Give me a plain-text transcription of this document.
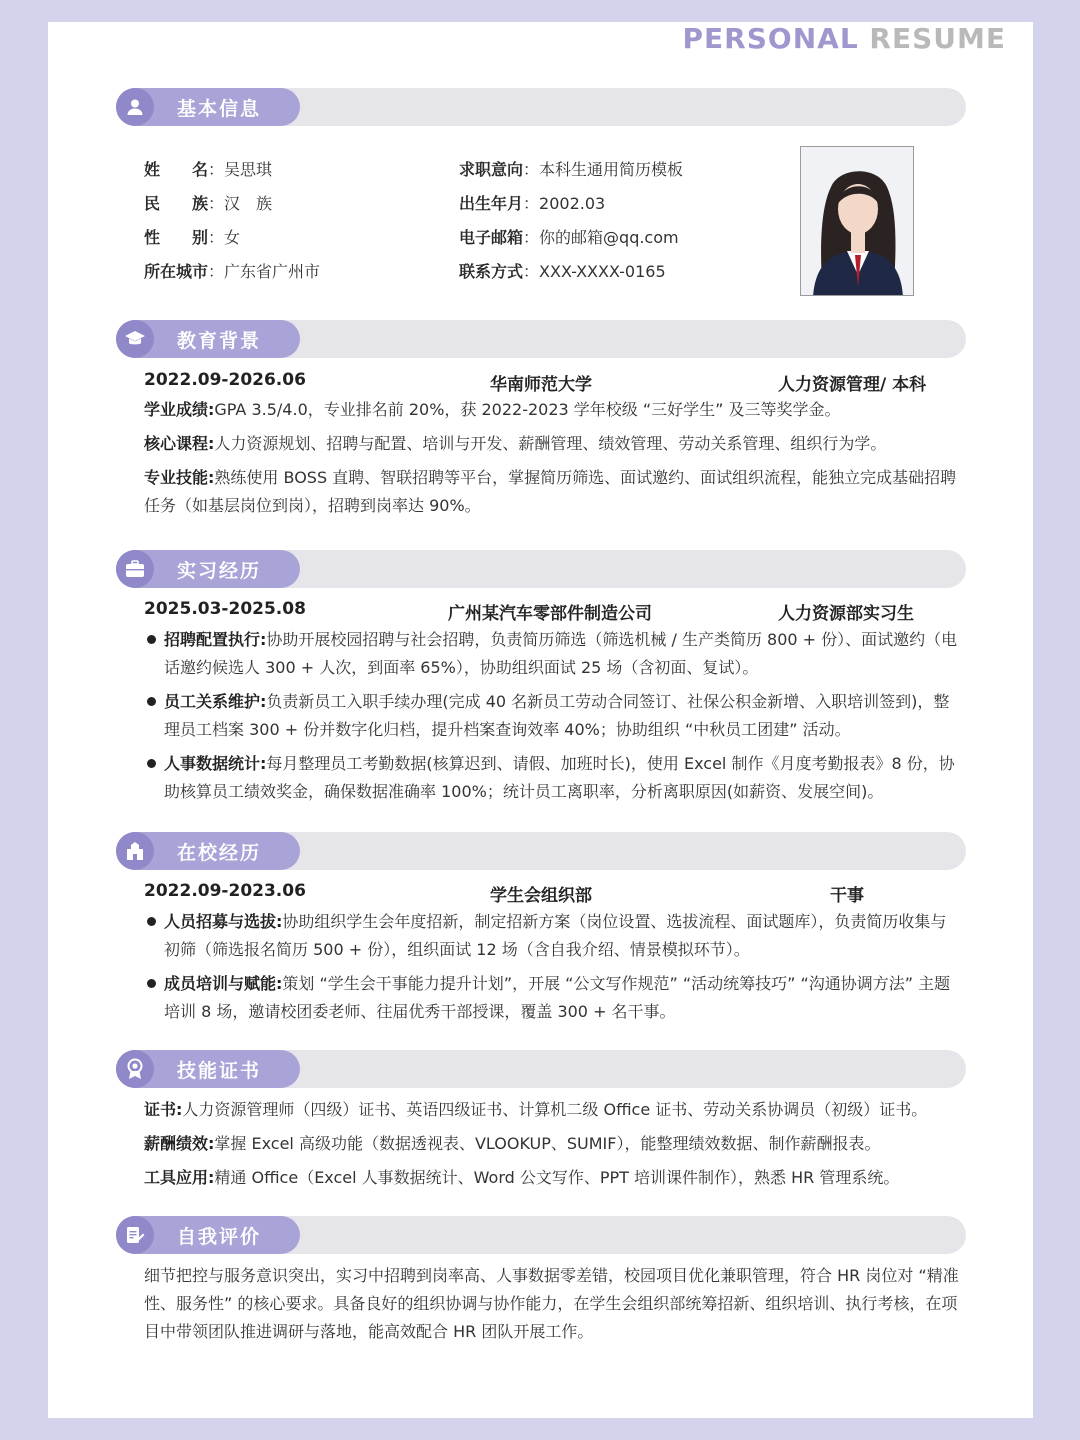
PERSONAL RESUME
基本信息
姓　　名：吴思琪
民　　族：汉　族
性　　别：女
所在城市：广东省广州市
求职意向：本科生通用简历模板
出生年月：2002.03
电子邮箱：你的邮箱@qq.com
联系方式：XXX-XXXX-0165
教育背景
2022.09-2026.06	华南师范大学	人力资源管理/ 本科
学业成绩:GPA 3.5/4.0，专业排名前 20%，获 2022-2023 学年校级 “三好学生” 及三等奖学金。
核心课程:人力资源规划、招聘与配置、培训与开发、薪酬管理、绩效管理、劳动关系管理、组织行为学。
专业技能:熟练使用 BOSS 直聘、智联招聘等平台，掌握简历筛选、面试邀约、面试组织流程，能独立完成基础招聘任务（如基层岗位到岗），招聘到岗率达 90%。
实习经历
2025.03-2025.08	广州某汽车零部件制造公司	人力资源部实习生
招聘配置执行:协助开展校园招聘与社会招聘，负责简历筛选（筛选机械 / 生产类简历 800 + 份）、面试邀约（电话邀约候选人 300 + 人次，到面率 65%），协助组织面试 25 场（含初面、复试）。
员工关系维护:负责新员工入职手续办理(完成 40 名新员工劳动合同签订、社保公积金新增、入职培训签到)，整理员工档案 300 + 份并数字化归档，提升档案查询效率 40%；协助组织 “中秋员工团建” 活动。
人事数据统计:每月整理员工考勤数据(核算迟到、请假、加班时长)，使用 Excel 制作《月度考勤报表》8 份，协助核算员工绩效奖金，确保数据准确率 100%；统计员工离职率，分析离职原因(如薪资、发展空间)。
在校经历
2022.09-2023.06	学生会组织部	干事
人员招募与选拔:协助组织学生会年度招新，制定招新方案（岗位设置、选拔流程、面试题库），负责简历收集与初筛（筛选报名简历 500 + 份），组织面试 12 场（含自我介绍、情景模拟环节）。
成员培训与赋能:策划 “学生会干事能力提升计划”，开展 “公文写作规范” “活动统筹技巧” “沟通协调方法” 主题培训 8 场，邀请校团委老师、往届优秀干部授课，覆盖 300 + 名干事。
技能证书
证书:人力资源管理师（四级）证书、英语四级证书、计算机二级 Office 证书、劳动关系协调员（初级）证书。
薪酬绩效:掌握 Excel 高级功能（数据透视表、VLOOKUP、SUMIF），能整理绩效数据、制作薪酬报表。
工具应用:精通 Office（Excel 人事数据统计、Word 公文写作、PPT 培训课件制作），熟悉 HR 管理系统。
自我评价
细节把控与服务意识突出，实习中招聘到岗率高、人事数据零差错，校园项目优化兼职管理，符合 HR 岗位对 “精准性、服务性” 的核心要求。具备良好的组织协调与协作能力，在学生会组织部统筹招新、组织培训、执行考核，在项目中带领团队推进调研与落地，能高效配合 HR 团队开展工作。
